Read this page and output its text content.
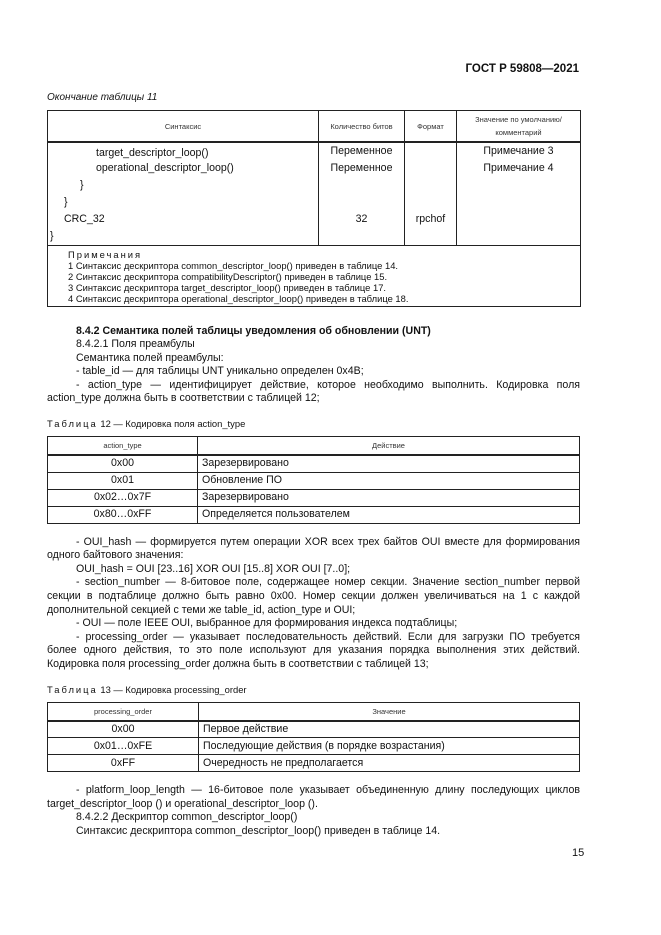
ГОСТ Р 59808—2021
Окончание таблицы 11
Синтаксис	Количество битов	Формат	Значение по умолчанию/ комментарий
target_descriptor_loop()	Переменное		Примечание 3
operational_descriptor_loop()	Переменное		Примечание 4
}			
}			
CRC_32	32	rpchof	
}			

Примечания
1 Синтаксис дескриптора common_descriptor_loop() приведен в таблице 14.
2 Синтаксис дескриптора compatibilityDescriptor() приведен в таблице 15.
3 Синтаксис дескриптора target_descriptor_loop() приведен в таблице 17.
4 Синтаксис дескриптора operational_descriptor_loop() приведен в таблице 18.			
8.4.2 Семантика полей таблицы уведомления об обновлении (UNT)
8.4.2.1 Поля преамбулы
Семантика полей преамбулы:
- table_id — для таблицы UNT уникально определен 0x4B;
- action_type — идентифицирует действие, которое необходимо выполнить. Кодировка поля action_type должна быть в соответствии с таблицей 12;
Таблица 12 — Кодировка поля action_type
action_type	Действие
0x00	Зарезервировано
0x01	Обновление ПО
0x02…0x7F	Зарезервировано
0x80…0xFF	Определяется пользователем
- OUI_hash — формируется путем операции XOR всех трех байтов OUI вместе для формирования одного байтового значения:
OUI_hash = OUI [23..16] XOR OUI [15..8] XOR OUI [7..0];
- section_number — 8-битовое поле, содержащее номер секции. Значение section_number первой секции в подтаблице должно быть равно 0x00. Номер секции должен увеличиваться на 1 с каждой дополнительной секцией с теми же table_id, action_type и OUI;
- OUI — поле IEEE OUI, выбранное для формирования индекса подтаблицы;
- processing_order — указывает последовательность действий. Если для загрузки ПО требуется более одного действия, то это поле используют для указания порядка выполнения этих действий. Кодировка поля processing_order должна быть в соответствии с таблицей 13;
Таблица 13 — Кодировка processing_order
processing_order	Значение
0x00	Первое действие
0x01…0xFE	Последующие действия (в порядке возрастания)
0xFF	Очередность не предполагается
- platform_loop_length — 16-битовое поле указывает объединенную длину последующих циклов target_descriptor_loop () и operational_descriptor_loop ().
8.4.2.2 Дескриптор common_descriptor_loop()
Синтаксис дескриптора common_descriptor_loop() приведен в таблице 14.
15
